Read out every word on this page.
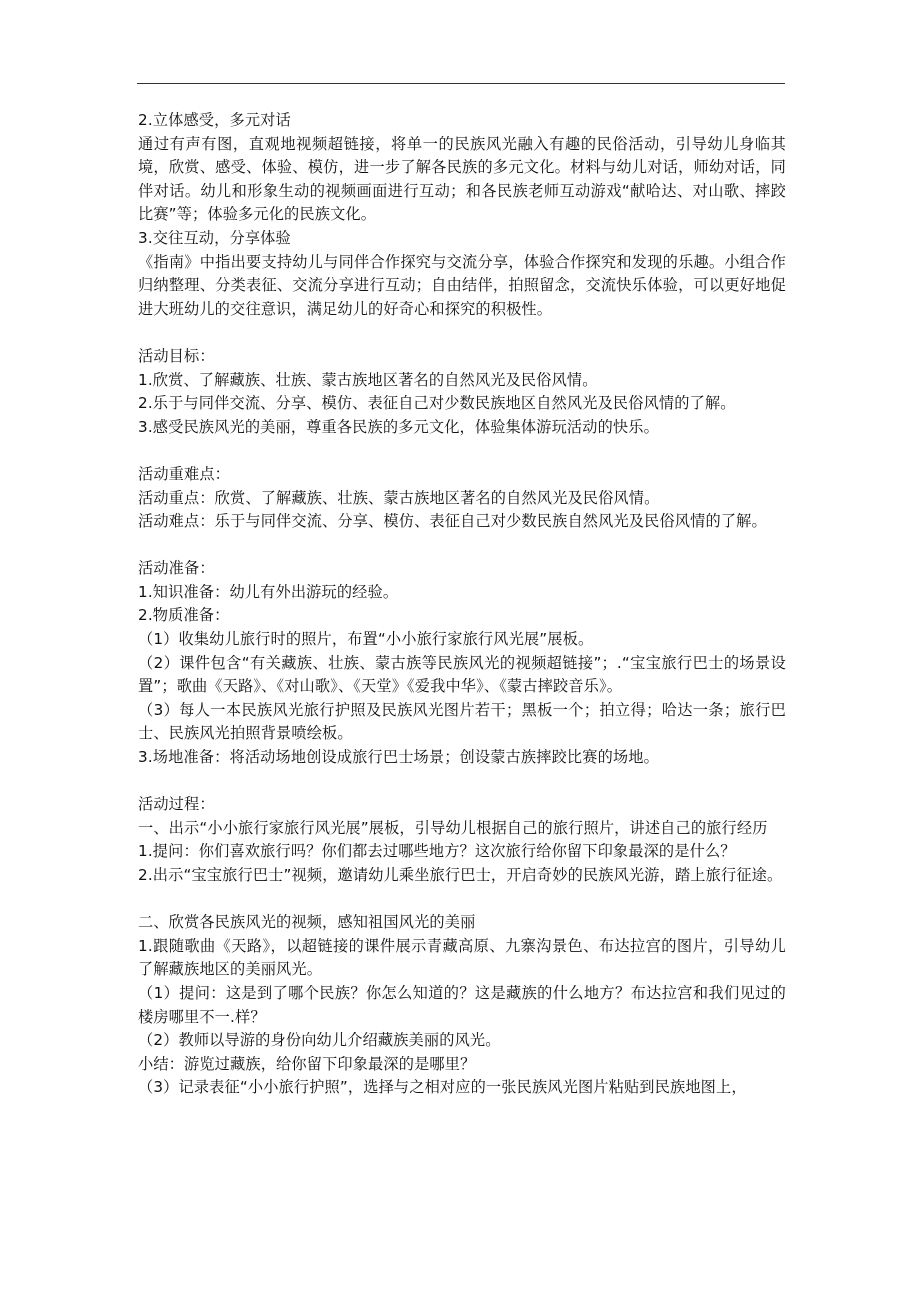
2.立体感受，多元对话

通过有声有图，直观地视频超链接，将单一的民族风光融入有趣的民俗活动，引导幼儿身临其境，欣赏、感受、体验、模仿，进一步了解各民族的多元文化。材料与幼儿对话，师幼对话，同伴对话。幼儿和形象生动的视频画面进行互动；和各民族老师互动游戏“献哈达、对山歌、摔跤比赛”等；体验多元化的民族文化。

3.交往互动，分享体验

《指南》中指出要支持幼儿与同伴合作探究与交流分享，体验合作探究和发现的乐趣。小组合作归纳整理、分类表征、交流分享进行互动；自由结伴，拍照留念，交流快乐体验，可以更好地促进大班幼儿的交往意识，满足幼儿的好奇心和探究的积极性。

活动目标：

1.欣赏、了解藏族、壮族、蒙古族地区著名的自然风光及民俗风情。

2.乐于与同伴交流、分享、模仿、表征自己对少数民族地区自然风光及民俗风情的了解。

3.感受民族风光的美丽，尊重各民族的多元文化，体验集体游玩活动的快乐。

活动重难点：

活动重点：欣赏、了解藏族、壮族、蒙古族地区著名的自然风光及民俗风情。

活动难点：乐于与同伴交流、分享、模仿、表征自己对少数民族自然风光及民俗风情的了解。

活动准备：

1.知识准备：幼儿有外出游玩的经验。

2.物质准备：

（1）收集幼儿旅行时的照片，布置“小小旅行家旅行风光展”展板。

（2）课件包含“有关藏族、壮族、蒙古族等民族风光的视频超链接”；.“宝宝旅行巴士的场景设置”；歌曲《天路》、《对山歌》、《天堂》《爱我中华》、《蒙古摔跤音乐》。

（3）每人一本民族风光旅行护照及民族风光图片若干；黑板一个；拍立得；哈达一条；旅行巴士、民族风光拍照背景喷绘板。

3.场地准备：将活动场地创设成旅行巴士场景；创设蒙古族摔跤比赛的场地。

活动过程：

一、出示“小小旅行家旅行风光展”展板，引导幼儿根据自己的旅行照片，讲述自己的旅行经历

1.提问：你们喜欢旅行吗？你们都去过哪些地方？这次旅行给你留下印象最深的是什么？

2.出示“宝宝旅行巴士”视频，邀请幼儿乘坐旅行巴士，开启奇妙的民族风光游，踏上旅行征途。

二、欣赏各民族风光的视频，感知祖国风光的美丽

1.跟随歌曲《天路》，以超链接的课件展示青藏高原、九寨沟景色、布达拉宫的图片，引导幼儿了解藏族地区的美丽风光。

（1）提问：这是到了哪个民族？你怎么知道的？这是藏族的什么地方？布达拉宫和我们见过的楼房哪里不一.样？

（2）教师以导游的身份向幼儿介绍藏族美丽的风光。

小结：游览过藏族，给你留下印象最深的是哪里？

（3）记录表征“小小旅行护照”，选择与之相对应的一张民族风光图片粘贴到民族地图上，
